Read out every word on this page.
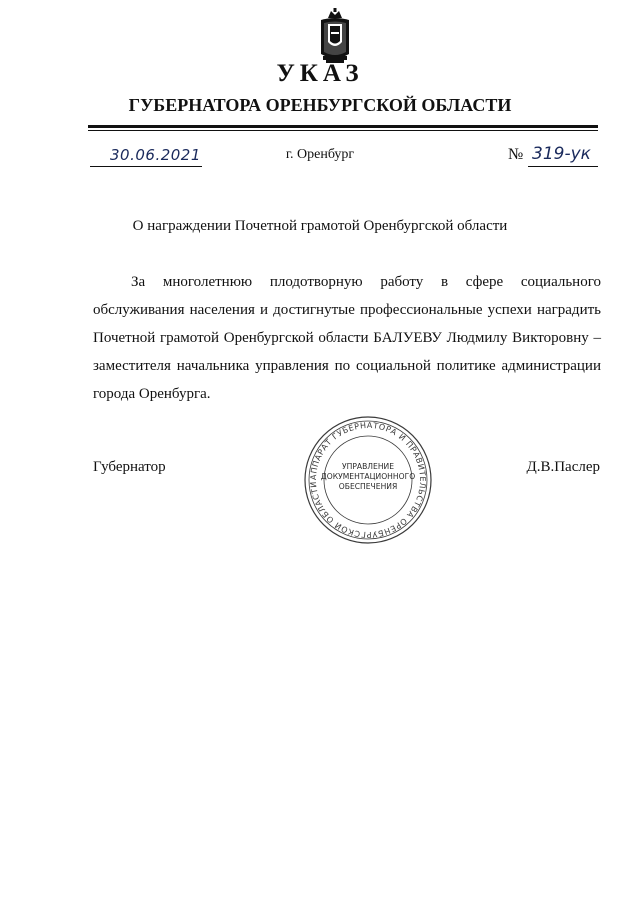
УКАЗ
ГУБЕРНАТОРА ОРЕНБУРГСКОЙ ОБЛАСТИ
30.06.2021	г. Оренбург	№ 319-ук
О награждении Почетной грамотой Оренбургской области
За многолетнюю плодотворную работу в сфере социального обслуживания населения и достигнутые профессиональные успехи наградить Почетной грамотой Оренбургской области БАЛУЕВУ Людмилу Викторовну – заместителя начальника управления по социальной политике администрации города Оренбурга.
Губернатор	Д.В.Паслер
АППАРАТ ГУБЕРНАТОРА И ПРАВИТЕЛЬСТВА ОРЕНБУРГСКОЙ ОБЛАСТИ
УПРАВЛЕНИЕ
ДОКУМЕНТАЦИОННОГО
ОБЕСПЕЧЕНИЯ
